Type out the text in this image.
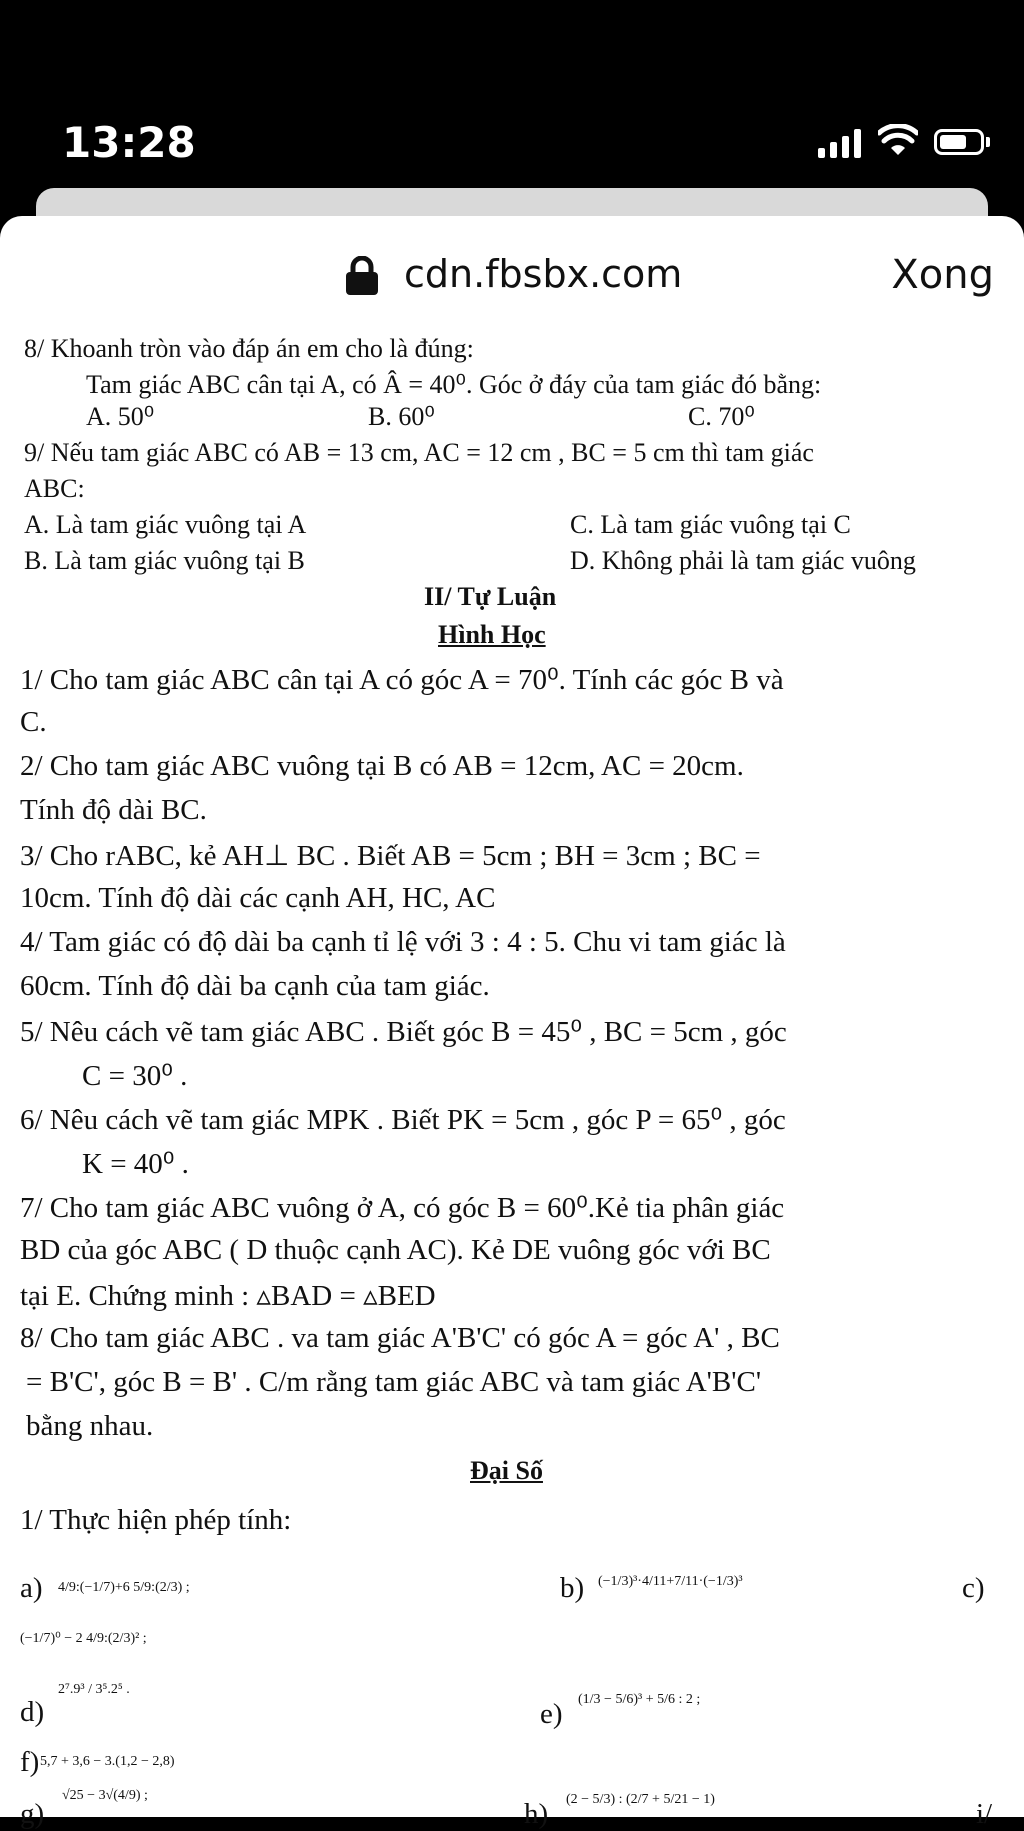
13:28
cdn.fbsbx.com	Xong
8/ Khoanh tròn vào đáp án em cho là đúng:
Tam giác ABC cân tại A, có Â = 40⁰. Góc ở đáy của tam giác đó bằng:
A. 50⁰	B. 60⁰	C. 70⁰
9/ Nếu tam giác ABC có AB = 13 cm, AC = 12 cm , BC = 5 cm thì tam giác
ABC:
A. Là tam giác vuông tại A	C. Là tam giác vuông tại C
B. Là tam giác vuông tại B	D. Không phải là tam giác vuông
II/ Tự Luận
Hình Học
1/ Cho tam giác ABC cân tại A có góc A = 70⁰. Tính các góc B và
C.
2/ Cho tam giác ABC vuông tại B có AB = 12cm, AC = 20cm.
Tính độ dài BC.
3/ Cho rABC, kẻ AH⊥ BC . Biết AB = 5cm ; BH = 3cm ; BC =
10cm. Tính độ dài các cạnh AH, HC, AC
4/ Tam giác có độ dài ba cạnh tỉ lệ với 3 : 4 : 5. Chu vi tam giác là
60cm. Tính độ dài ba cạnh của tam giác.
5/ Nêu cách vẽ tam giác ABC . Biết góc B = 45⁰ , BC = 5cm , góc
C = 30⁰ .
6/ Nêu cách vẽ tam giác MPK . Biết PK = 5cm , góc P = 65⁰ , góc
K = 40⁰ .
7/ Cho tam giác ABC vuông ở A, có góc B = 60⁰.Kẻ tia phân giác
BD của góc ABC ( D thuộc cạnh AC). Kẻ DE vuông góc với BC
tại E. Chứng minh : ▵BAD = ▵BED
8/ Cho tam giác ABC . va tam giác A'B'C' có góc A = góc A' , BC
= B'C', góc B = B' . C/m rằng tam giác ABC và tam giác A'B'C'
bằng nhau.
Đại Số
1/ Thực hiện phép tính:
a) 4/9:(−1/7)+6 5/9:(2/3) ;	b) (−1/3)³·4/11+7/11·(−1/3)³	c)
(−1/7)⁰ − 2 4/9:(2/3)² ;
d)
2⁷.9³ / 3⁵.2⁵ .
e) (1/3 − 5/6)³ + 5/6 : 2 ;
f) 5,7 + 3,6 − 3.(1,2 − 2,8)
g)
√25 − 3√(4/9) ;
h) (2 − 5/3) : (2/7 + 5/21 − 1)	i/
